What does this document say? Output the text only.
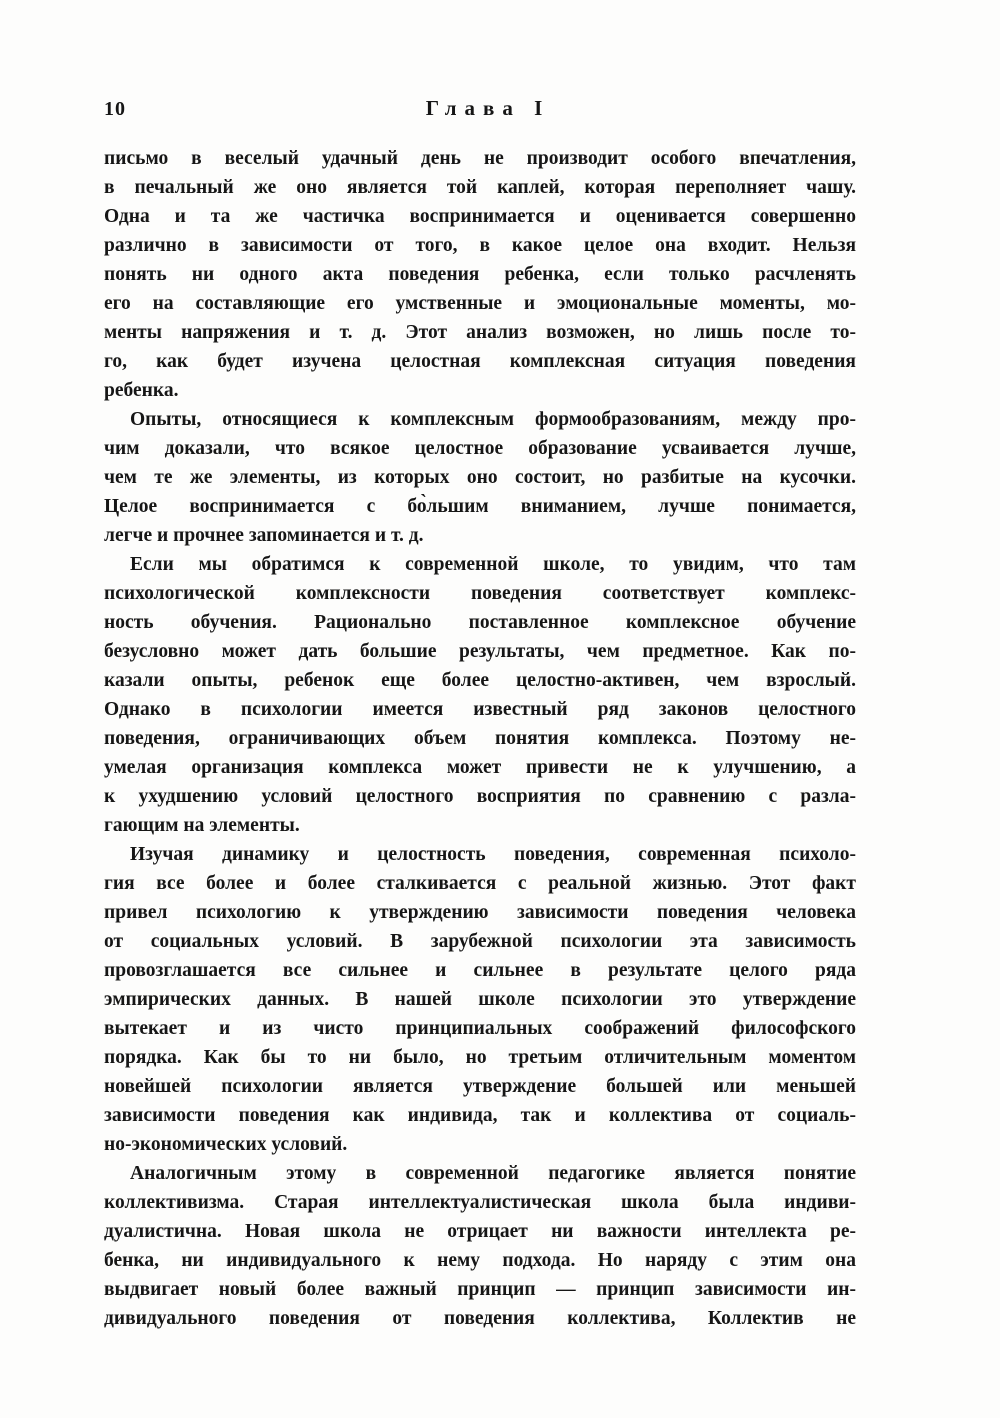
10	Глава I
письмо в веселый удачный день не производит особого впечатления,
в печальный же оно является той каплей, которая переполняет чашу.
Одна и та же частичка воспринимается и оценивается совершенно
различно в зависимости от того, в какое целое она входит. Нельзя
понять ни одного акта поведения ребенка, если только расчленять
его на составляющие его умственные и эмоциональные моменты, мо-
менты напряжения и т. д. Этот анализ возможен, но лишь после то-
го, как будет изучена целостная комплексная ситуация поведения
ребенка.
Опыты, относящиеся к комплексным формообразованиям, между про-
чим доказали, что всякое целостное образование усваивается лучше,
чем те же элементы, из которых оно состоит, но разбитые на кусочки.
Целое воспринимается с бо̀льшим вниманием, лучше понимается,
легче и прочнее запоминается и т. д.
Если мы обратимся к современной школе, то увидим, что там
психологической комплексности поведения соответствует комплекс-
ность обучения. Рационально поставленное комплексное обучение
безусловно может дать большие результаты, чем предметное. Как по-
казали опыты, ребенок еще более целостно-активен, чем взрослый.
Однако в психологии имеется известный ряд законов целостного
поведения, ограничивающих объем понятия комплекса. Поэтому не-
умелая организация комплекса может привести не к улучшению, а
к ухудшению условий целостного восприятия по сравнению с разла-
гающим на элементы.
Изучая динамику и целостность поведения, современная психоло-
гия все более и более сталкивается с реальной жизнью. Этот факт
привел психологию к утверждению зависимости поведения человека
от социальных условий. В зарубежной психологии эта зависимость
провозглашается все сильнее и сильнее в результате целого ряда
эмпирических данных. В нашей школе психологии это утверждение
вытекает и из чисто принципиальных соображений философского
порядка. Как бы то ни было, но третьим отличительным моментом
новейшей психологии является утверждение большей или меньшей
зависимости поведения как индивида, так и коллектива от социаль-
но-экономических условий.
Аналогичным этому в современной педагогике является понятие
коллективизма. Старая интеллектуалистическая школа была индиви-
дуалистична. Новая школа не отрицает ни важности интеллекта ре-
бенка, ни индивидуального к нему подхода. Но наряду с этим она
выдвигает новый более важный принцип — принцип зависимости ин-
дивидуального поведения от поведения коллектива, Коллектив не
